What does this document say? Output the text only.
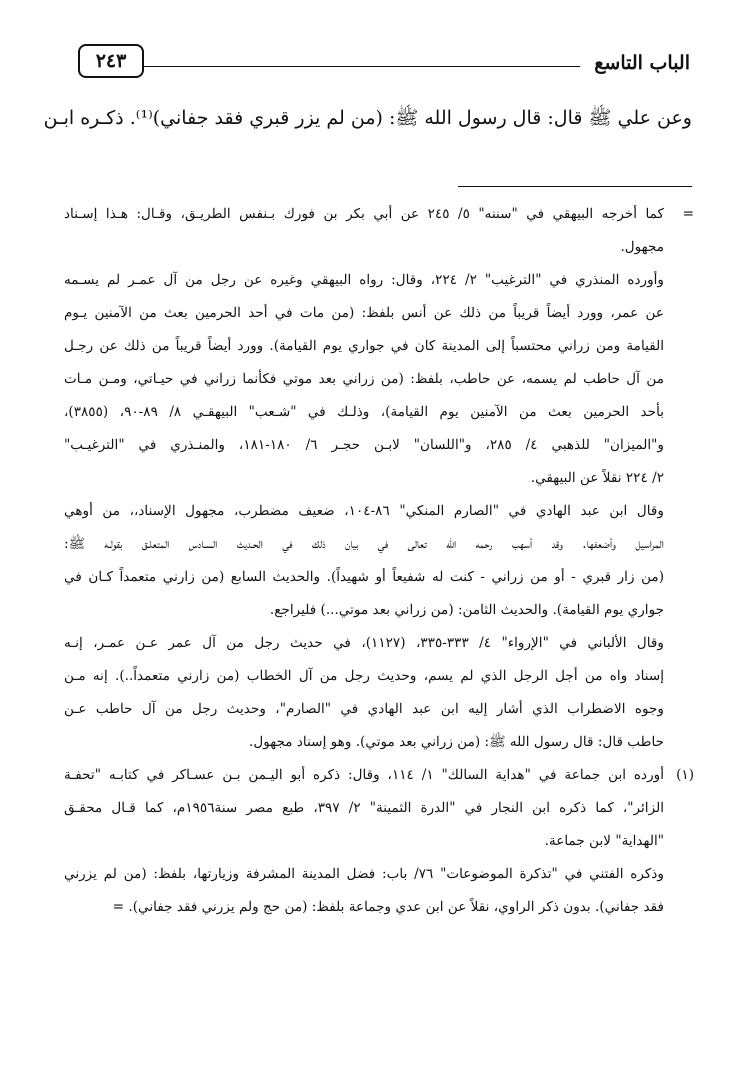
الباب التاسع
٢٤٣
وعن علي ﷺ قال: قال رسول الله ﷺ: (من لم يزر قبري فقد جفاني)⁽¹⁾. ذكـره ابـن
=
كما أخرجه البيهقي في "سننه" ٥/ ٢٤٥ عن أبي بكر بن فورك بـنفس الطريـق، وقـال: هـذا إسـناد
مجهول.
وأورده المنذري في "الترغيب" ٢/ ٢٢٤، وقال: رواه البيهقي وغيره عن رجل من آل عمـر لم يسـمه
عن عمر، وورد أيضاً قريباً من ذلك عن أنس بلفظ: (من مات في أحد الحرمين بعث من الآمنين يـوم
القيامة ومن زراني محتسباً إلى المدينة كان في جواري يوم القيامة). وورد أيضاً قريباً من ذلك عن رجـل
من آل حاطب لم يسمه، عن حاطب، بلفظ: (من زراني بعد موتي فكأنما زراني في حيـاتي، ومـن مـات
بأحد الحرمين بعث من الآمنين يوم القيامة)، وذلـك في "شـعب" البيهقـي ٨/ ٨٩-٩٠، (٣٨٥٥)،
و"الميزان" للذهبي ٤/ ٢٨٥، و"اللسان" لابـن حجـر ٦/ ١٨٠-١٨١، والمنـذري في "الترغيـب"
٢/ ٢٢٤ نقلاً عن البيهقي.
وقال ابن عبد الهادي في "الصارم المنكي" ٨٦-١٠٤، ضعيف مضطرب، مجهول الإسناد،، من أوهي
المراسيل وأضعفها. وقد أسهب رحمه الله تعالى في بيان ذلك في الحـديث السـادس المتعلـق بقولـه ﷺ:
(من زار قبري - أو من زراني - كنت له شفيعاً أو شهيداً). والحديث السابع (من زارني متعمداً كـان في
جواري يوم القيامة). والحديث الثامن: (من زراني بعد موتي...) فليراجع.
وقال الألباني في "الإرواء" ٤/ ٣٣٣-٣٣٥، (١١٢٧)، في حديث رجل من آل عمر عـن عمـر، إنـه
إسناد واه من أجل الرجل الذي لم يسم، وحديث رجل من آل الخطاب (من زارني متعمداً..). إنه مـن
وجوه الاضطراب الذي أشار إليه ابن عبد الهادي في "الصارم"، وحديث رجل من آل حاطب عـن
حاطب قال: قال رسول الله ﷺ: (من زراني بعد موتي). وهو إسناد مجهول.
(١)
أورده ابن جماعة في "هداية السالك" ١/ ١١٤، وقال: ذكره أبو اليـمن بـن عسـاكر في كتابـه "تحفـة
الزائر"، كما ذكره ابن النجار في "الدرة الثمينة" ٢/ ٣٩٧، طبع مصر سنة١٩٥٦م، كما قـال محقـق
"الهداية" لابن جماعة.
وذكره الفتني في "تذكرة الموضوعات" ٧٦/ باب: فضل المدينة المشرفة وزيارتها، بلفظ: (من لم يزرني
فقد جفاني). بدون ذكر الراوي، نقلاً عن ابن عدي وجماعة بلفظ: (من حج ولم يزرني فقد جفاني). =
